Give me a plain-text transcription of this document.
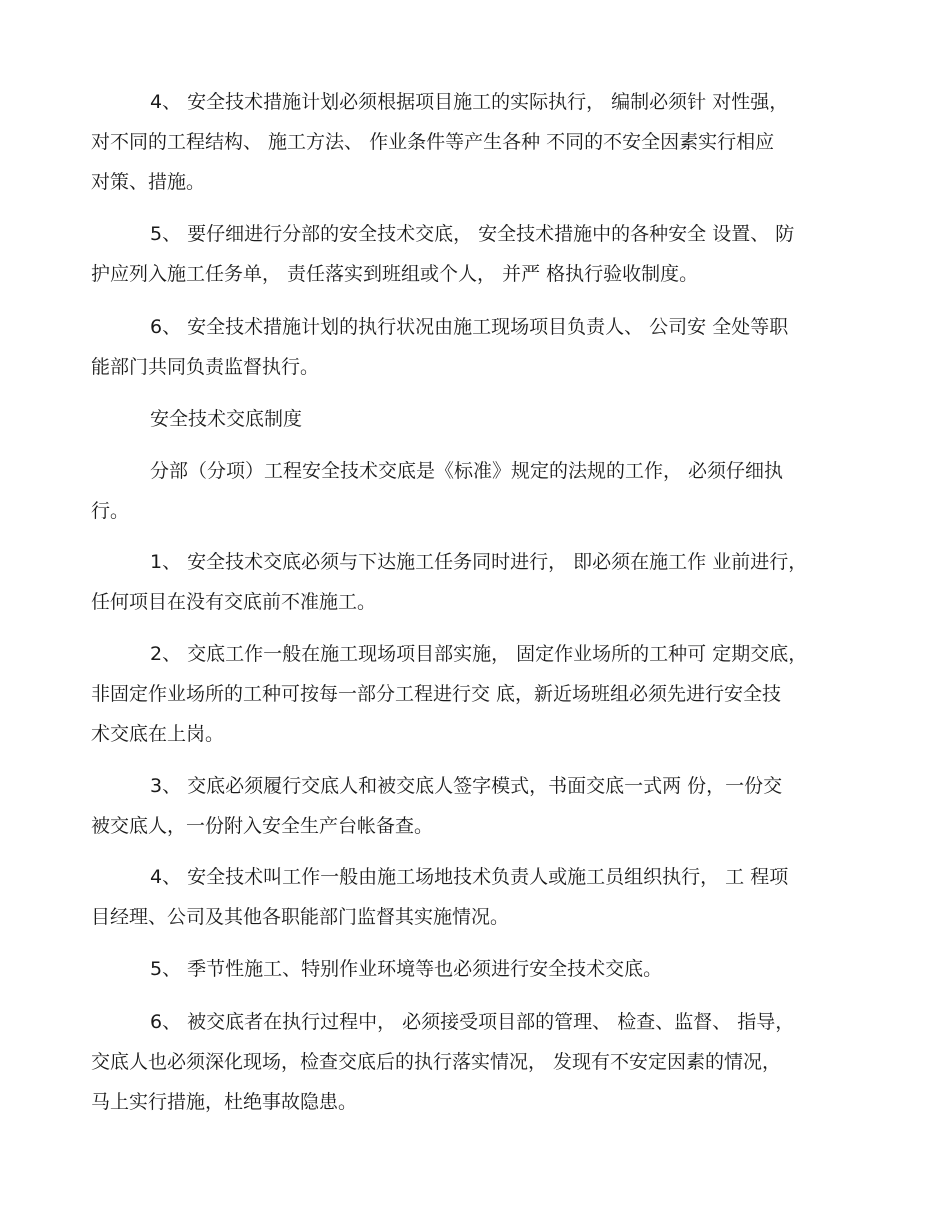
4、 安全技术措施计划必须根据项目施工的实际执行， 编制必须针 对性强，
对不同的工程结构、 施工方法、 作业条件等产生各种 不同的不安全因素实行相应
对策、措施。
5、 要仔细进行分部的安全技术交底， 安全技术措施中的各种安全 设置、 防
护应列入施工任务单， 责任落实到班组或个人， 并严 格执行验收制度。
6、 安全技术措施计划的执行状况由施工现场项目负责人、 公司安 全处等职
能部门共同负责监督执行。
安全技术交底制度
分部（分项）工程安全技术交底是《标准》规定的法规的工作， 必须仔细执
行。
1、 安全技术交底必须与下达施工任务同时进行， 即必须在施工作 业前进行，
任何项目在没有交底前不准施工。
2、 交底工作一般在施工现场项目部实施， 固定作业场所的工种可 定期交底，
非固定作业场所的工种可按每一部分工程进行交 底，新近场班组必须先进行安全技
术交底在上岗。
3、 交底必须履行交底人和被交底人签字模式，书面交底一式两 份，一份交
被交底人，一份附入安全生产台帐备查。
4、 安全技术叫工作一般由施工场地技术负责人或施工员组织执行， 工 程项
目经理、公司及其他各职能部门监督其实施情况。
5、 季节性施工、特别作业环境等也必须进行安全技术交底。
6、 被交底者在执行过程中， 必须接受项目部的管理、 检查、监督、 指导，
交底人也必须深化现场，检查交底后的执行落实情况， 发现有不安定因素的情况，
马上实行措施，杜绝事故隐患。
